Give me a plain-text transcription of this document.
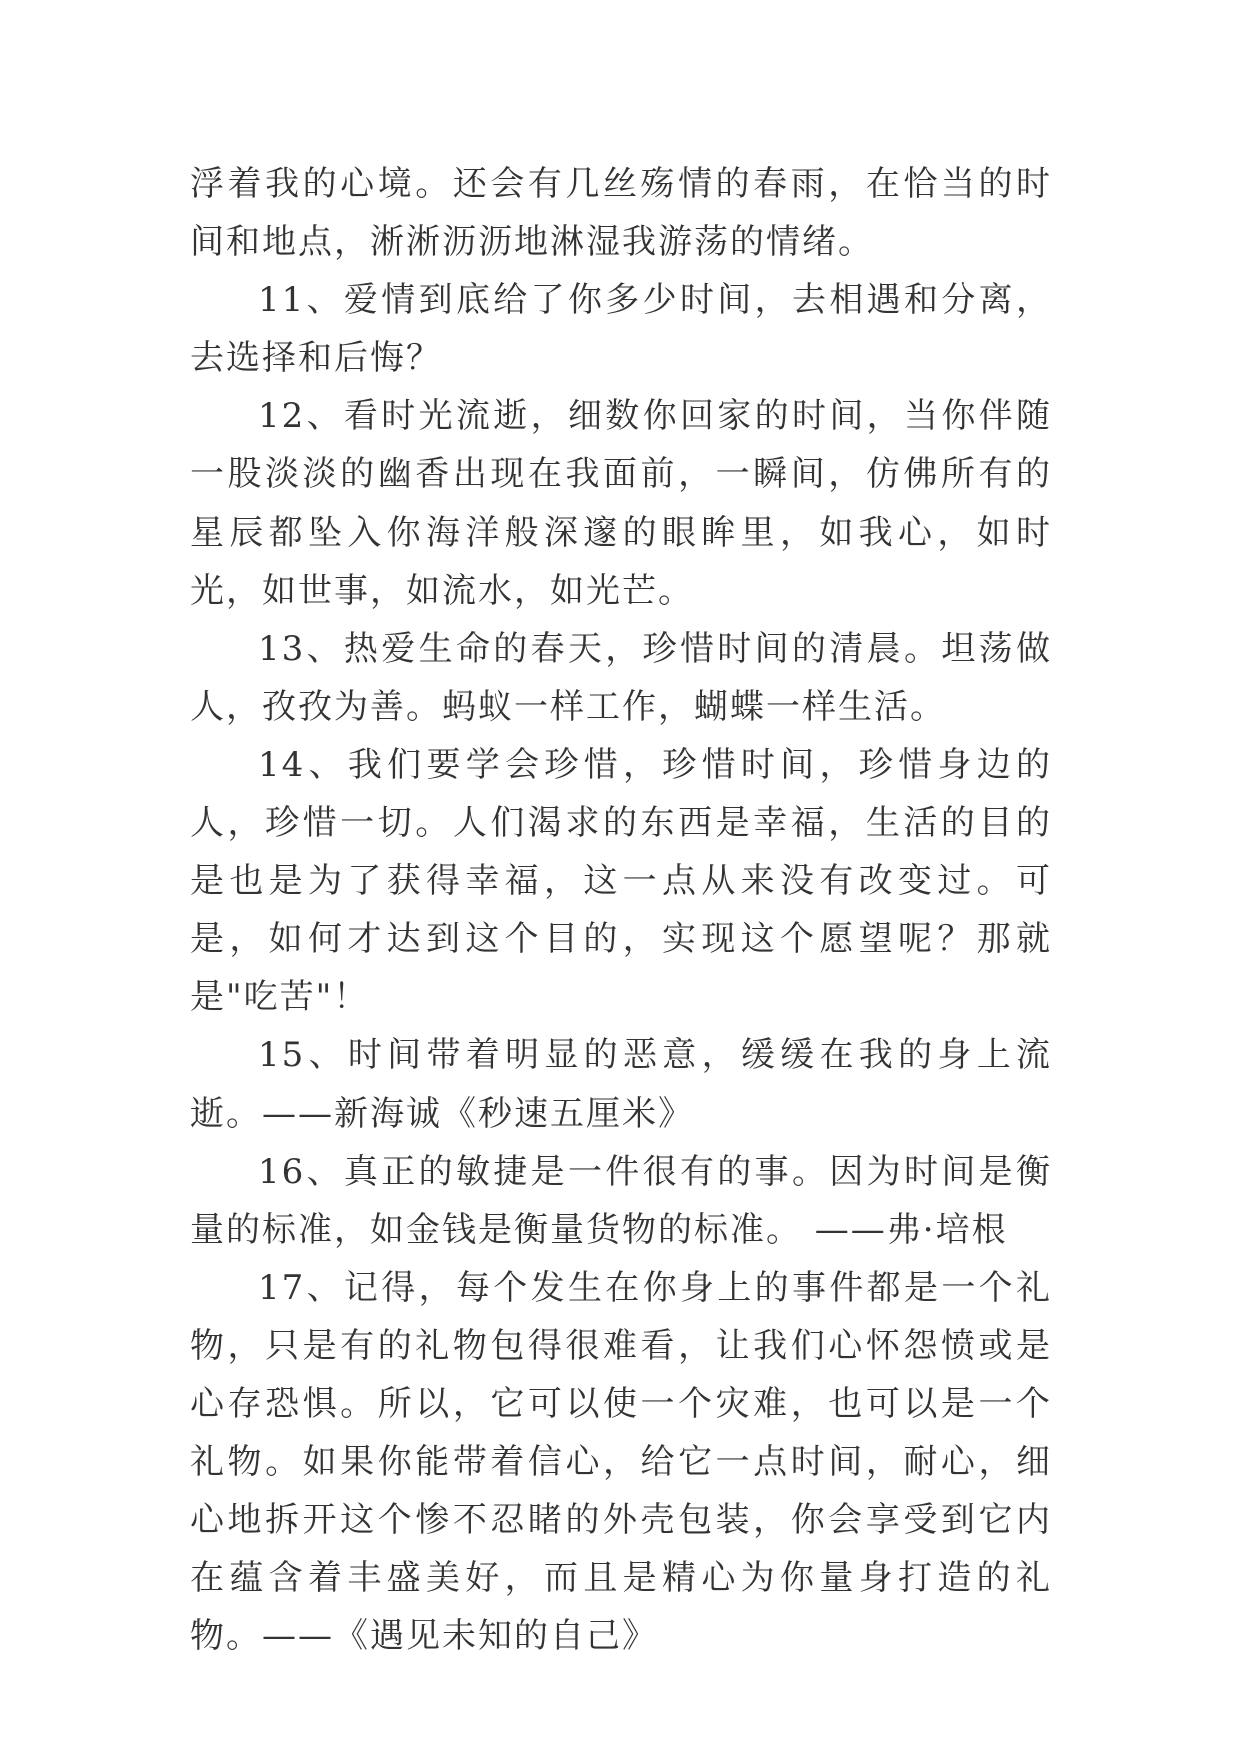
浮着我的心境。还会有几丝殇情的春雨，在恰当的时间和地点，淅淅沥沥地淋湿我游荡的情绪。

11、爱情到底给了你多少时间，去相遇和分离，去选择和后悔？

12、看时光流逝，细数你回家的时间，当你伴随一股淡淡的幽香出现在我面前，一瞬间，仿佛所有的星辰都坠入你海洋般深邃的眼眸里，如我心，如时光，如世事，如流水，如光芒。

13、热爱生命的春天，珍惜时间的清晨。坦荡做人，孜孜为善。蚂蚁一样工作，蝴蝶一样生活。

14、我们要学会珍惜，珍惜时间，珍惜身边的人，珍惜一切。人们渴求的东西是幸福，生活的目的是也是为了获得幸福，这一点从来没有改变过。可是，如何才达到这个目的，实现这个愿望呢？那就是"吃苦"！

15、时间带着明显的恶意，缓缓在我的身上流逝。——新海诚《秒速五厘米》

16、真正的敏捷是一件很有的事。因为时间是衡量的标准，如金钱是衡量货物的标准。 ——弗·培根

17、记得，每个发生在你身上的事件都是一个礼物，只是有的礼物包得很难看，让我们心怀怨愤或是心存恐惧。所以，它可以使一个灾难，也可以是一个礼物。如果你能带着信心，给它一点时间，耐心，细心地拆开这个惨不忍睹的外壳包装，你会享受到它内在蕴含着丰盛美好，而且是精心为你量身打造的礼物。——《遇见未知的自己》
